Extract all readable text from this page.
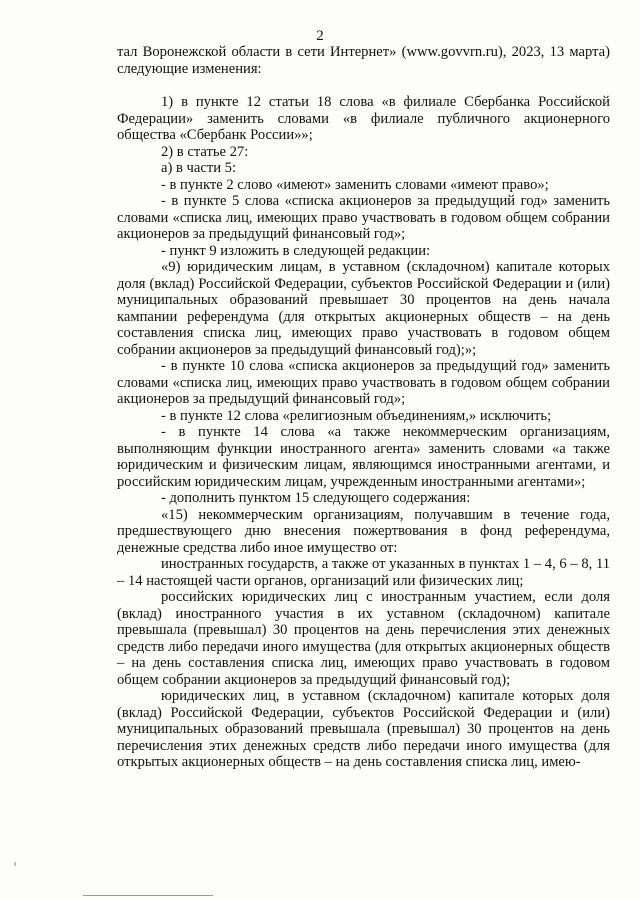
2

тал Воронежской области в сети Интернет» (www.govvrn.ru), 2023, 13 марта) следующие изменения:

1) в пункте 12 статьи 18 слова «в филиале Сбербанка Российской Федерации» заменить словами «в филиале публичного акционерного общества «Сбербанк России»»;

2) в статье 27:

а) в части 5:

- в пункте 2 слово «имеют» заменить словами «имеют право»;

- в пункте 5 слова «списка акционеров за предыдущий год» заменить словами «списка лиц, имеющих право участвовать в годовом общем собрании акционеров за предыдущий финансовый год»;

- пункт 9 изложить в следующей редакции:

«9) юридическим лицам, в уставном (складочном) капитале которых доля (вклад) Российской Федерации, субъектов Российской Федерации и (или) муниципальных образований превышает 30 процентов на день начала кампании референдума (для открытых акционерных обществ – на день составления списка лиц, имеющих право участвовать в годовом общем собрании акционеров за предыдущий финансовый год);»;

- в пункте 10 слова «списка акционеров за предыдущий год» заменить словами «списка лиц, имеющих право участвовать в годовом общем собрании акционеров за предыдущий финансовый год»;

- в пункте 12 слова «религиозным объединениям,» исключить;

- в пункте 14 слова «а также некоммерческим организациям, выполняющим функции иностранного агента» заменить словами «а также юридическим и физическим лицам, являющимся иностранными агентами, и российским юридическим лицам, учрежденным иностранными агентами»;

- дополнить пунктом 15 следующего содержания:

«15) некоммерческим организациям, получавшим в течение года, предшествующего дню внесения пожертвования в фонд референдума, денежные средства либо иное имущество от:

иностранных государств, а также от указанных в пунктах 1 – 4, 6 – 8, 11 – 14 настоящей части органов, организаций или физических лиц;

российских юридических лиц с иностранным участием, если доля (вклад) иностранного участия в их уставном (складочном) капитале превышала (превышал) 30 процентов на день перечисления этих денежных средств либо передачи иного имущества (для открытых акционерных обществ – на день составления списка лиц, имеющих право участвовать в годовом общем собрании акционеров за предыдущий финансовый год);

юридических лиц, в уставном (складочном) капитале которых доля (вклад) Российской Федерации, субъектов Российской Федерации и (или) муниципальных образований превышала (превышал) 30 процентов на день перечисления этих денежных средств либо передачи иного имущества (для открытых акционерных обществ – на день составления списка лиц, имею-
